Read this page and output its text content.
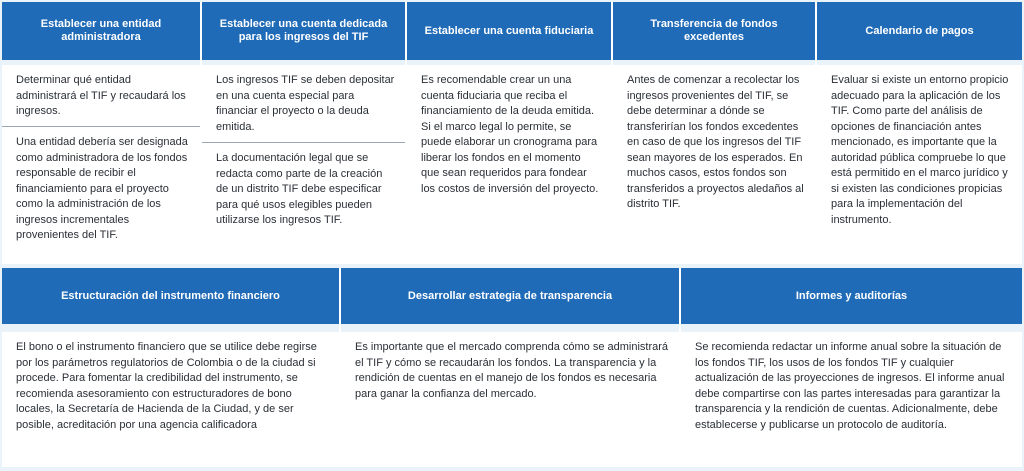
Establecer una entidad administradora
Determinar qué entidad administrará el TIF y recaudará los ingresos.
Una entidad debería ser designada como administradora de los fondos responsable de recibir el financiamiento para el proyecto como la administración de los ingresos incrementales provenientes del TIF.
Establecer una cuenta dedicada para los ingresos del TIF
Los ingresos TIF se deben depositar en una cuenta especial para financiar el proyecto o la deuda emitida.
La documentación legal que se redacta como parte de la creación de un distrito TIF debe especificar para qué usos elegibles pueden utilizarse los ingresos TIF.
Establecer una cuenta fiduciaria
Es recomendable crear un una cuenta fiduciaria que reciba el financiamiento de la deuda emitida. Si el marco legal lo permite, se puede elaborar un cronograma para liberar los fondos en el momento que sean requeridos para fondear los costos de inversión del proyecto.
Transferencia de fondos excedentes
Antes de comenzar a recolectar los ingresos provenientes del TIF, se debe determinar a dónde se transferirían los fondos excedentes en caso de que los ingresos del TIF sean mayores de los esperados. En muchos casos, estos fondos son transferidos a proyectos aledaños al distrito TIF.
Calendario de pagos
Evaluar si existe un entorno propicio adecuado para la aplicación de los TIF. Como parte del análisis de opciones de financiación antes mencionado, es importante que la autoridad pública compruebe lo que está permitido en el marco jurídico y si existen las condiciones propicias para la implementación del instrumento.
Estructuración del instrumento financiero
El bono o el instrumento financiero que se utilice debe regirse por los parámetros regulatorios de Colombia o de la ciudad si procede. Para fomentar la credibilidad del instrumento, se recomienda asesoramiento con estructuradores de bono locales, la Secretaría de Hacienda de la Ciudad, y de ser posible, acreditación por una agencia calificadora
Desarrollar estrategia de transparencia
Es importante que el mercado comprenda cómo se administrará el TIF y cómo se recaudarán los fondos. La transparencia y la rendición de cuentas en el manejo de los fondos es necesaria para ganar la confianza del mercado.
Informes y auditorías
Se recomienda redactar un informe anual sobre la situación de los fondos TIF, los usos de los fondos TIF y cualquier actualización de las proyecciones de ingresos. El informe anual debe compartirse con las partes interesadas para garantizar la transparencia y la rendición de cuentas. Adicionalmente, debe establecerse y publicarse un protocolo de auditoría.
